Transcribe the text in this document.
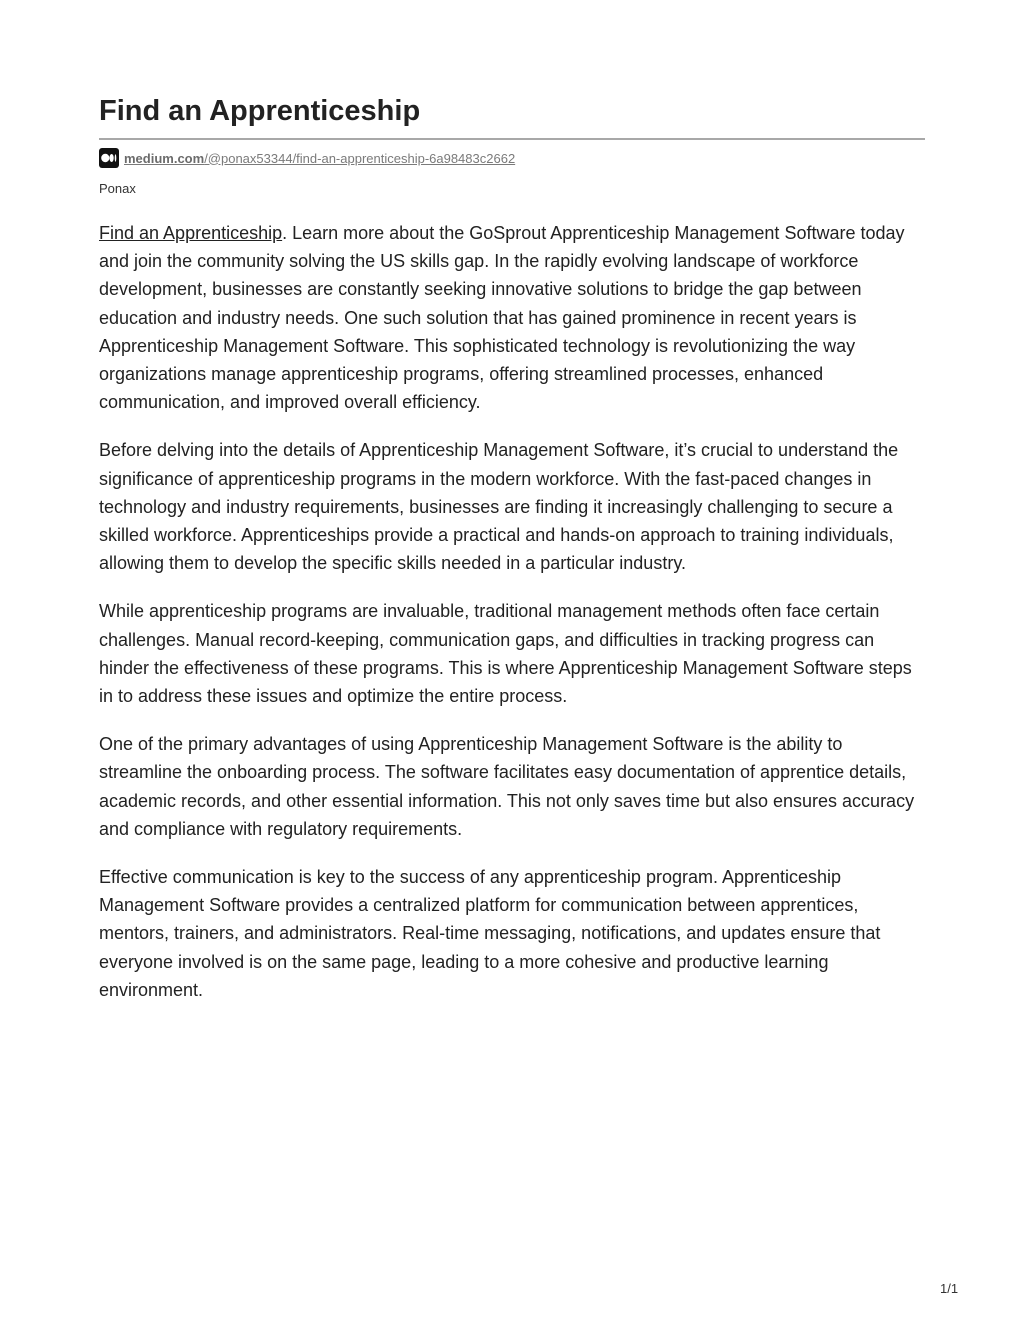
Find an Apprenticeship
medium.com/@ponax53344/find-an-apprenticeship-6a98483c2662
Ponax

Find an Apprenticeship. Learn more about the GoSprout Apprenticeship Management Software today and join the community solving the US skills gap. In the rapidly evolving landscape of workforce development, businesses are constantly seeking innovative solutions to bridge the gap between education and industry needs. One such solution that has gained prominence in recent years is Apprenticeship Management Software. This sophisticated technology is revolutionizing the way organizations manage apprenticeship programs, offering streamlined processes, enhanced communication, and improved overall efficiency.

Before delving into the details of Apprenticeship Management Software, it’s crucial to understand the significance of apprenticeship programs in the modern workforce. With the fast-paced changes in technology and industry requirements, businesses are finding it increasingly challenging to secure a skilled workforce. Apprenticeships provide a practical and hands-on approach to training individuals, allowing them to develop the specific skills needed in a particular industry.

While apprenticeship programs are invaluable, traditional management methods often face certain challenges. Manual record-keeping, communication gaps, and difficulties in tracking progress can hinder the effectiveness of these programs. This is where Apprenticeship Management Software steps in to address these issues and optimize the entire process.

One of the primary advantages of using Apprenticeship Management Software is the ability to streamline the onboarding process. The software facilitates easy documentation of apprentice details, academic records, and other essential information. This not only saves time but also ensures accuracy and compliance with regulatory requirements.

Effective communication is key to the success of any apprenticeship program. Apprenticeship Management Software provides a centralized platform for communication between apprentices, mentors, trainers, and administrators. Real-time messaging, notifications, and updates ensure that everyone involved is on the same page, leading to a more cohesive and productive learning environment.

1/1
